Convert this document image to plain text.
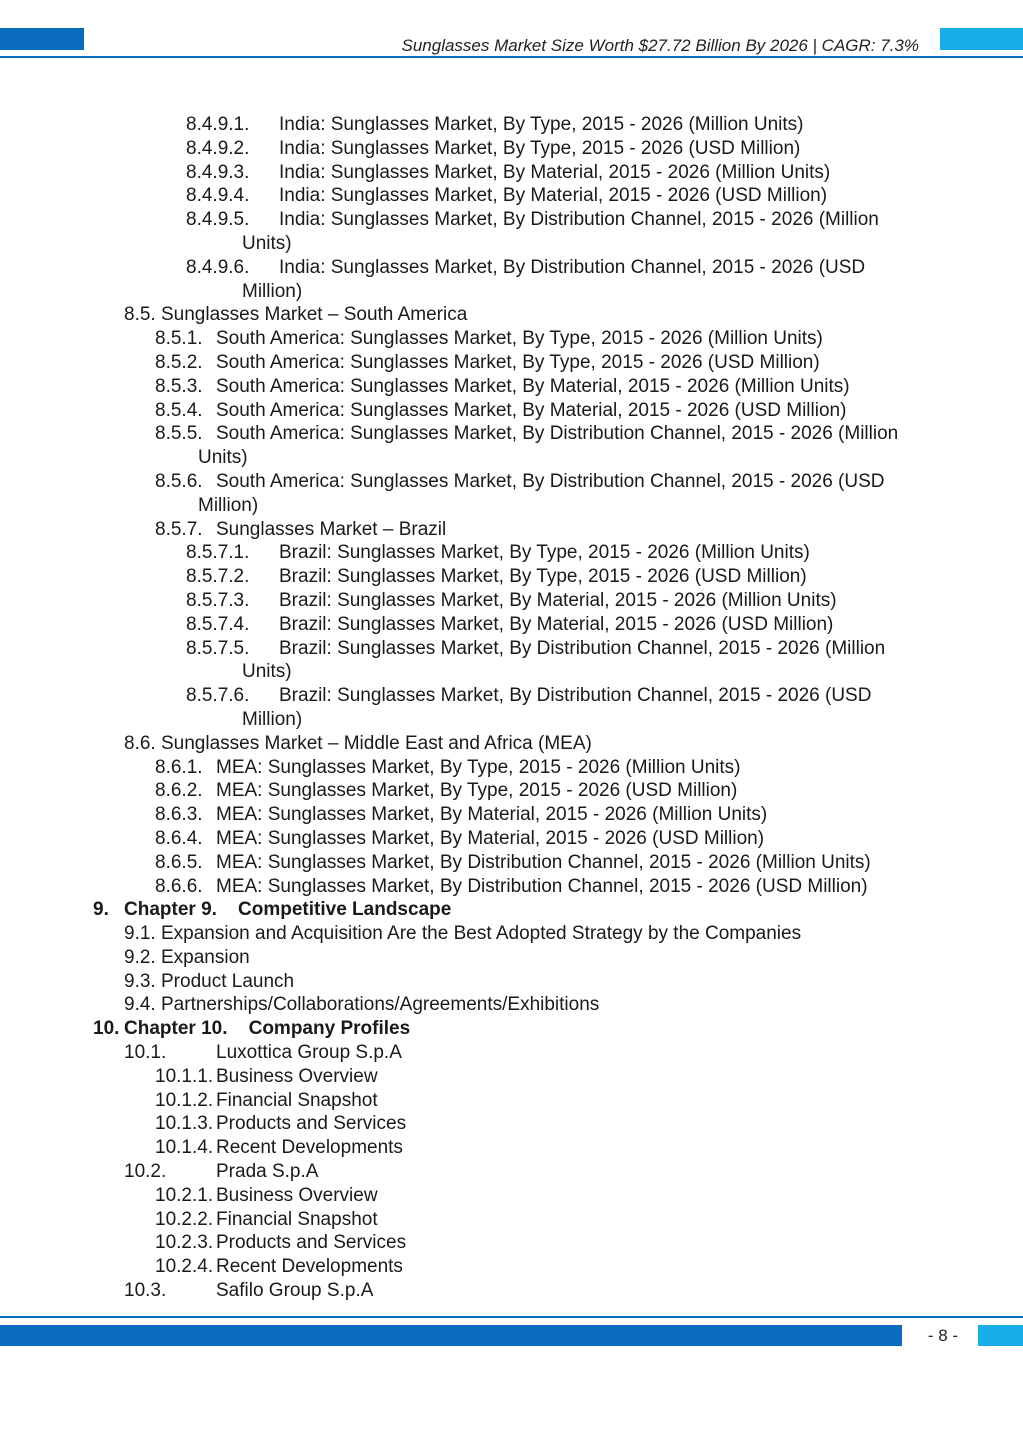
Sunglasses Market Size Worth $27.72 Billion By 2026 | CAGR: 7.3%
8.4.9.1. India: Sunglasses Market, By Type, 2015 - 2026 (Million Units)
8.4.9.2. India: Sunglasses Market, By Type, 2015 - 2026 (USD Million)
8.4.9.3. India: Sunglasses Market, By Material, 2015 - 2026 (Million Units)
8.4.9.4. India: Sunglasses Market, By Material, 2015 - 2026 (USD Million)
8.4.9.5. India: Sunglasses Market, By Distribution Channel, 2015 - 2026 (Million
Units)
8.4.9.6. India: Sunglasses Market, By Distribution Channel, 2015 - 2026 (USD
Million)
8.5. Sunglasses Market – South America
8.5.1. South America: Sunglasses Market, By Type, 2015 - 2026 (Million Units)
8.5.2. South America: Sunglasses Market, By Type, 2015 - 2026 (USD Million)
8.5.3. South America: Sunglasses Market, By Material, 2015 - 2026 (Million Units)
8.5.4. South America: Sunglasses Market, By Material, 2015 - 2026 (USD Million)
8.5.5. South America: Sunglasses Market, By Distribution Channel, 2015 - 2026 (Million
Units)
8.5.6. South America: Sunglasses Market, By Distribution Channel, 2015 - 2026 (USD
Million)
8.5.7. Sunglasses Market – Brazil
8.5.7.1. Brazil: Sunglasses Market, By Type, 2015 - 2026 (Million Units)
8.5.7.2. Brazil: Sunglasses Market, By Type, 2015 - 2026 (USD Million)
8.5.7.3. Brazil: Sunglasses Market, By Material, 2015 - 2026 (Million Units)
8.5.7.4. Brazil: Sunglasses Market, By Material, 2015 - 2026 (USD Million)
8.5.7.5. Brazil: Sunglasses Market, By Distribution Channel, 2015 - 2026 (Million
Units)
8.5.7.6. Brazil: Sunglasses Market, By Distribution Channel, 2015 - 2026 (USD
Million)
8.6. Sunglasses Market – Middle East and Africa (MEA)
8.6.1. MEA: Sunglasses Market, By Type, 2015 - 2026 (Million Units)
8.6.2. MEA: Sunglasses Market, By Type, 2015 - 2026 (USD Million)
8.6.3. MEA: Sunglasses Market, By Material, 2015 - 2026 (Million Units)
8.6.4. MEA: Sunglasses Market, By Material, 2015 - 2026 (USD Million)
8.6.5. MEA: Sunglasses Market, By Distribution Channel, 2015 - 2026 (Million Units)
8.6.6. MEA: Sunglasses Market, By Distribution Channel, 2015 - 2026 (USD Million)
9. Chapter 9.    Competitive Landscape
9.1. Expansion and Acquisition Are the Best Adopted Strategy by the Companies
9.2. Expansion
9.3. Product Launch
9.4. Partnerships/Collaborations/Agreements/Exhibitions
10. Chapter 10.    Company Profiles
10.1.	Luxottica Group S.p.A
10.1.1. Business Overview
10.1.2. Financial Snapshot
10.1.3. Products and Services
10.1.4. Recent Developments
10.2.	Prada S.p.A
10.2.1. Business Overview
10.2.2. Financial Snapshot
10.2.3. Products and Services
10.2.4. Recent Developments
10.3.	Safilo Group S.p.A
- 8 -
